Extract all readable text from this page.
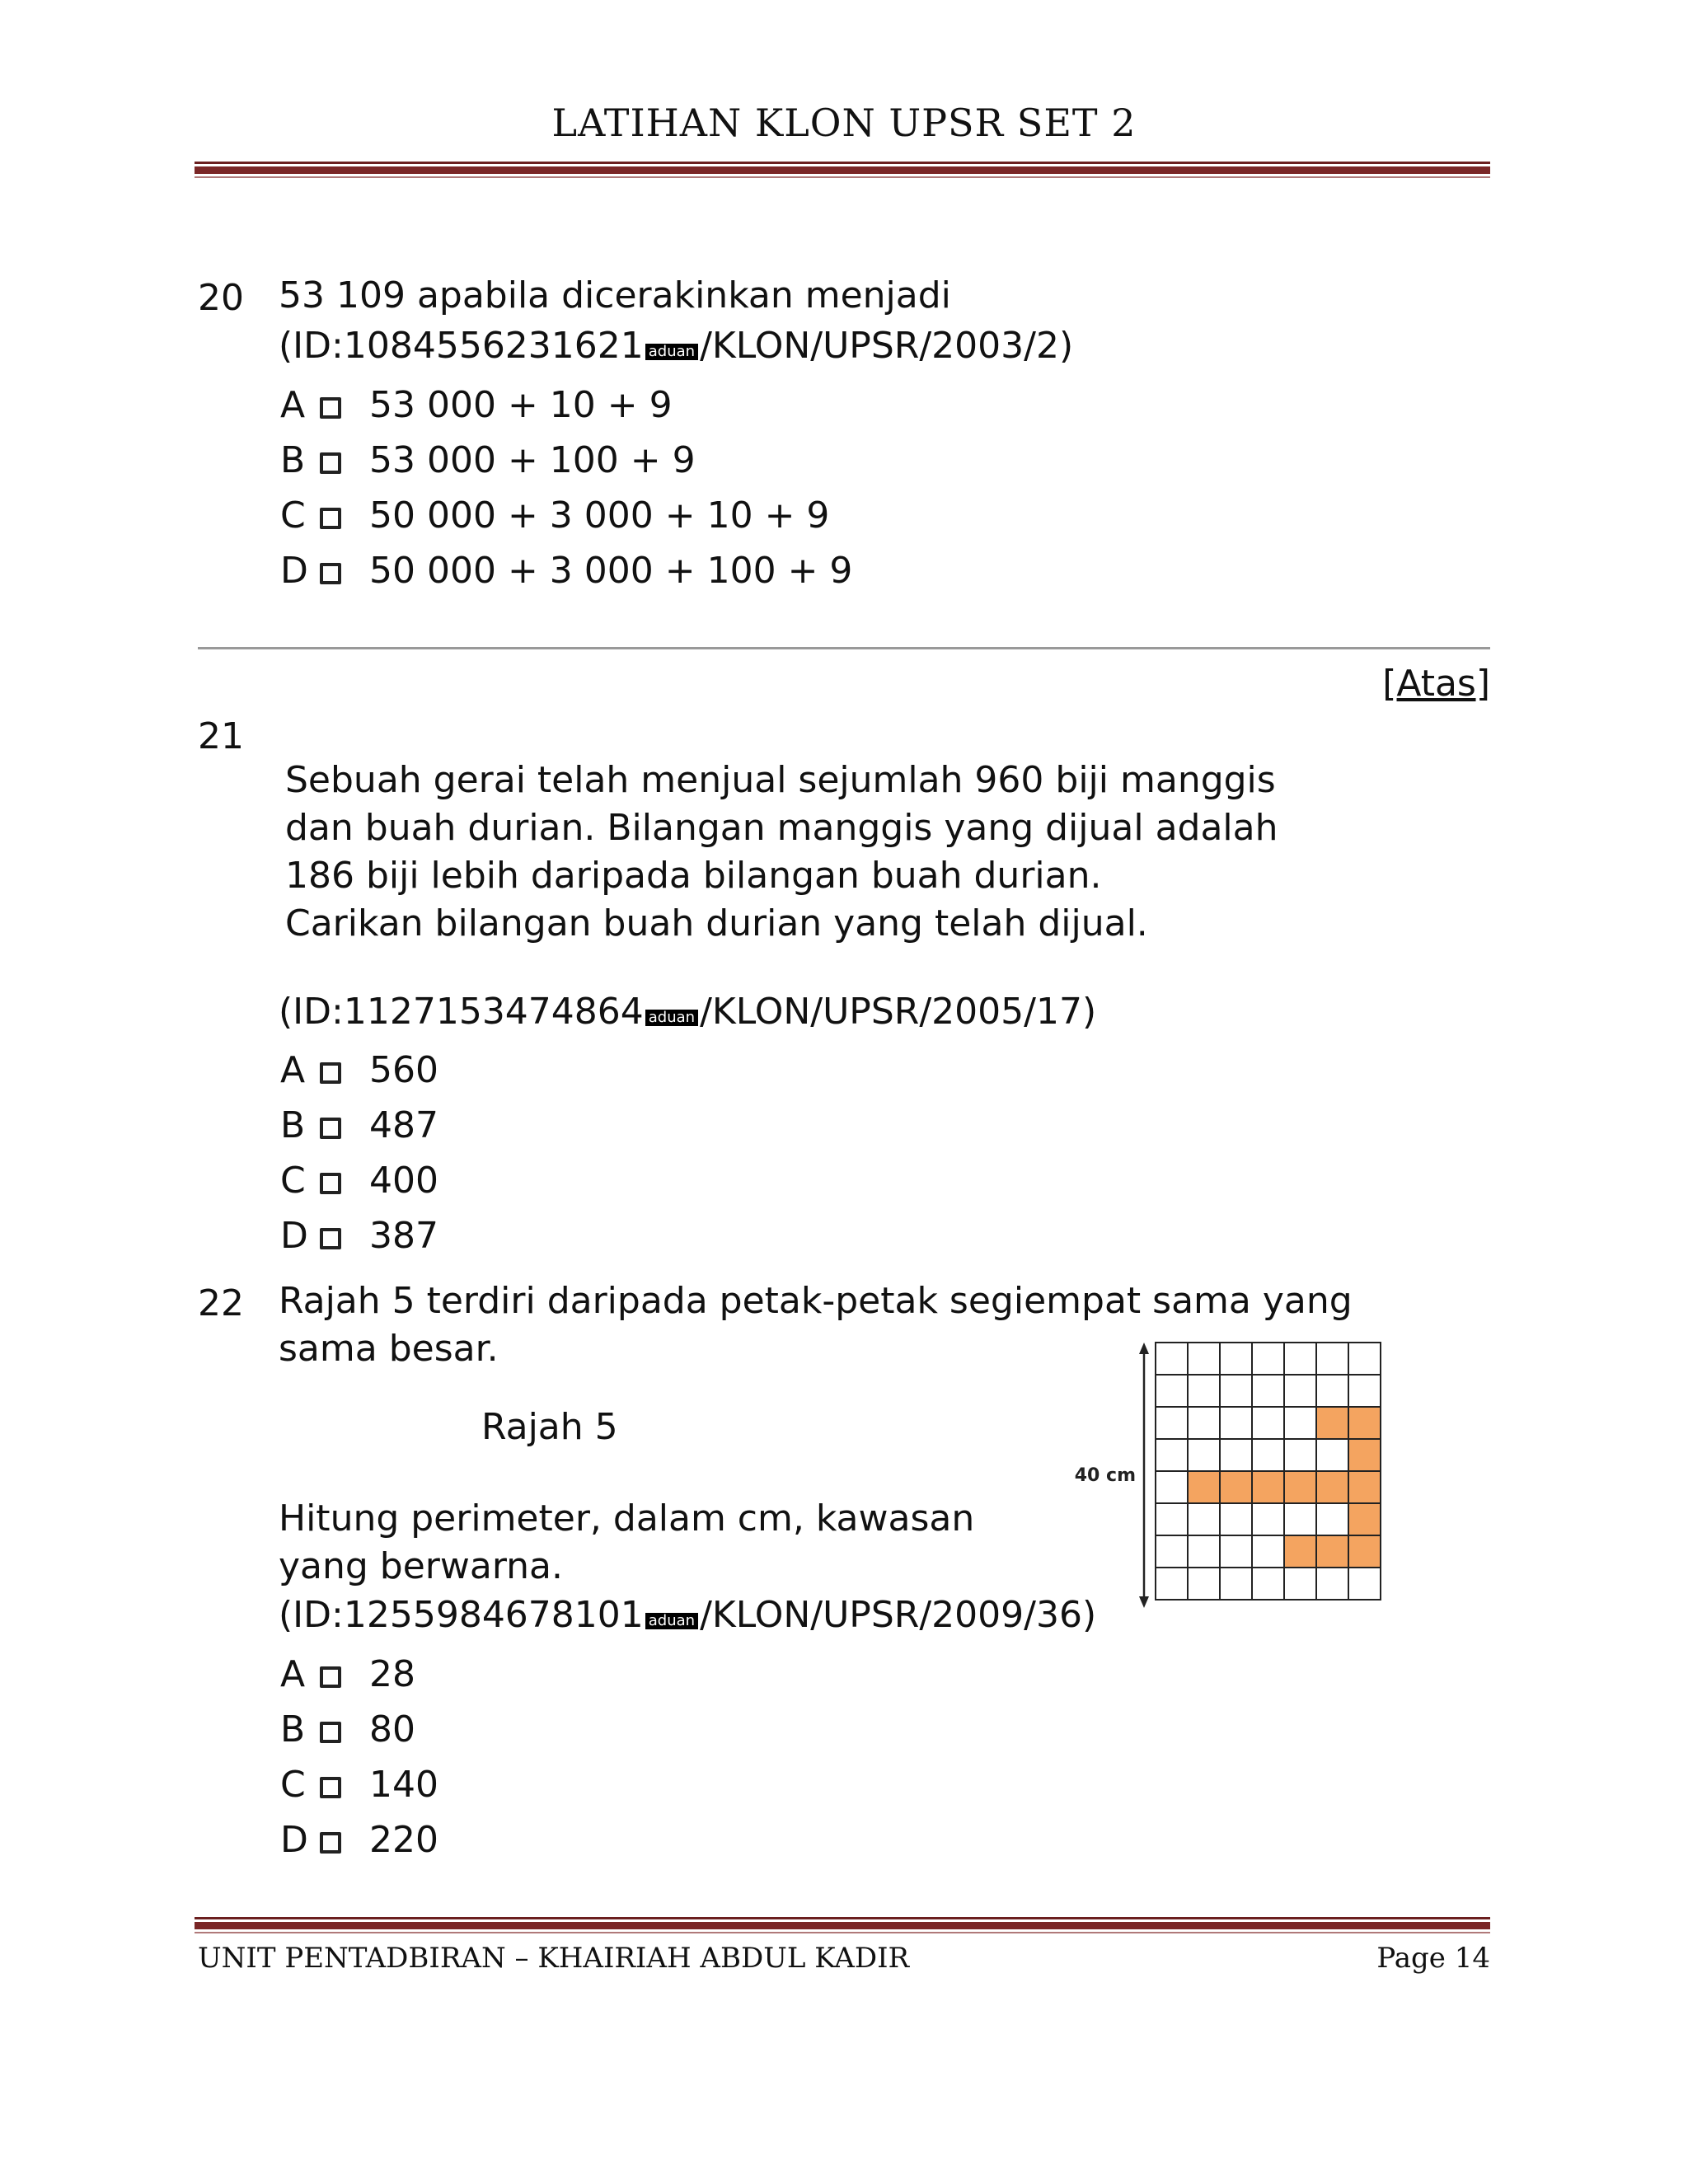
LATIHAN KLON UPSR SET 2
20 53 109 apabila dicerakinkan menjadi
(ID:1084556231621 aduan /KLON/UPSR/2003/2)
A 53 000 + 10 + 9
B 53 000 + 100 + 9
C 50 000 + 3 000 + 10 + 9
D 50 000 + 3 000 + 100 + 9
[Atas]
21
Sebuah gerai telah menjual sejumlah 960 biji manggis
dan buah durian. Bilangan manggis yang dijual adalah
186 biji lebih daripada bilangan buah durian.
Carikan bilangan buah durian yang telah dijual.
(ID:1127153474864 aduan /KLON/UPSR/2005/17)
A 560
B 487
C 400
D 387
22 Rajah 5 terdiri daripada petak-petak segiempat sama yang
sama besar.
Rajah 5
Hitung perimeter, dalam cm, kawasan
yang berwarna.
(ID:1255984678101 aduan /KLON/UPSR/2009/36)
A 28
B 80
C 140
D 220
40 cm
UNIT PENTADBIRAN – KHAIRIAH ABDUL KADIR	Page 14
